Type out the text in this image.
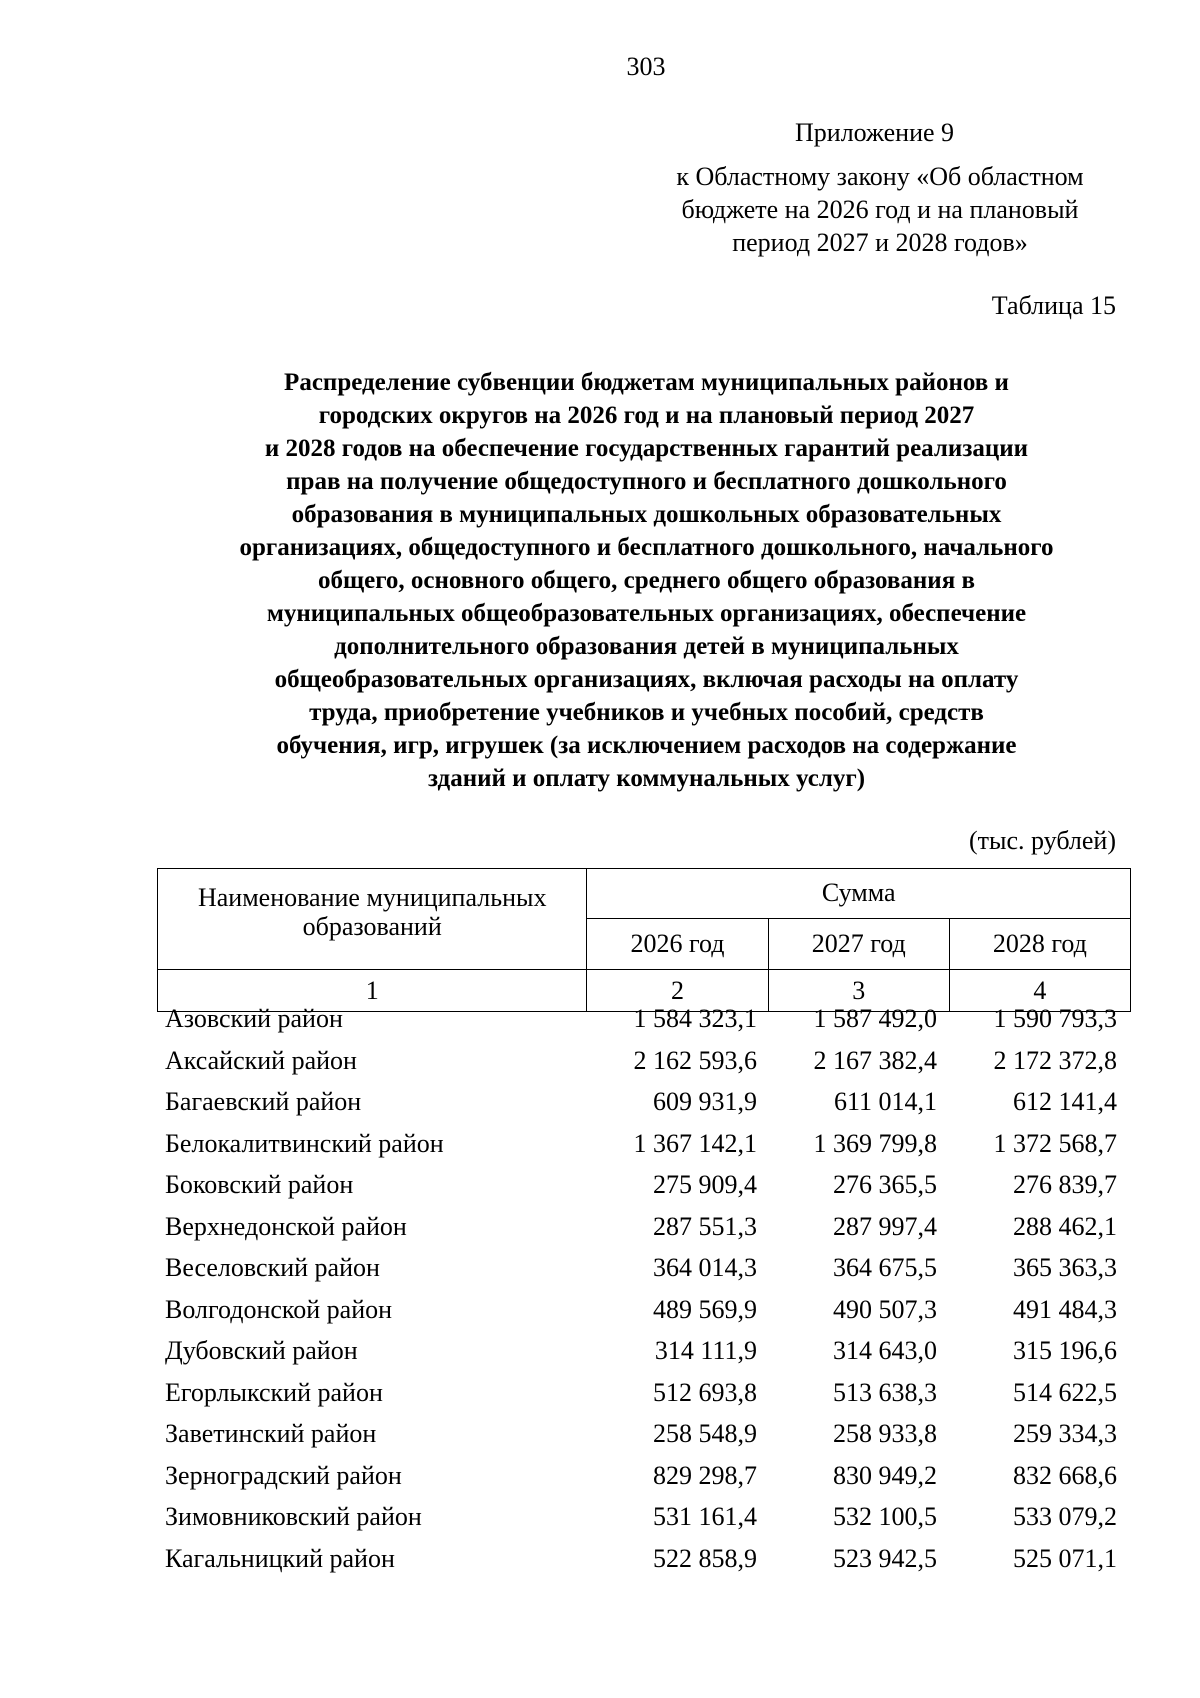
303
Приложение 9
к Областному закону «Об областном
бюджете на 2026 год и на плановый
период 2027 и 2028 годов»
Таблица 15
Распределение субвенции бюджетам муниципальных районов и
городских округов на 2026 год и на плановый период 2027
и 2028 годов на обеспечение государственных гарантий реализации
прав на получение общедоступного и бесплатного дошкольного
образования в муниципальных дошкольных образовательных
организациях, общедоступного и бесплатного дошкольного, начального
общего, основного общего, среднего общего образования в
муниципальных общеобразовательных организациях, обеспечение
дополнительного образования детей в муниципальных
общеобразовательных организациях, включая расходы на оплату
труда, приобретение учебников и учебных пособий, средств
обучения, игр, игрушек (за исключением расходов на содержание
зданий и оплату коммунальных услуг)
(тыс. рублей)
Наименование муниципальных
образований	Сумма		
	2026 год	2027 год	2028 год
1	2	3	4
Азовский район	1 584 323,1	1 587 492,0	1 590 793,3
Аксайский район	2 162 593,6	2 167 382,4	2 172 372,8
Багаевский район	609 931,9	611 014,1	612 141,4
Белокалитвинский район	1 367 142,1	1 369 799,8	1 372 568,7
Боковский район	275 909,4	276 365,5	276 839,7
Верхнедонской район	287 551,3	287 997,4	288 462,1
Веселовский район	364 014,3	364 675,5	365 363,3
Волгодонской район	489 569,9	490 507,3	491 484,3
Дубовский район	314 111,9	314 643,0	315 196,6
Егорлыкский район	512 693,8	513 638,3	514 622,5
Заветинский район	258 548,9	258 933,8	259 334,3
Зерноградский район	829 298,7	830 949,2	832 668,6
Зимовниковский район	531 161,4	532 100,5	533 079,2
Кагальницкий район	522 858,9	523 942,5	525 071,1
